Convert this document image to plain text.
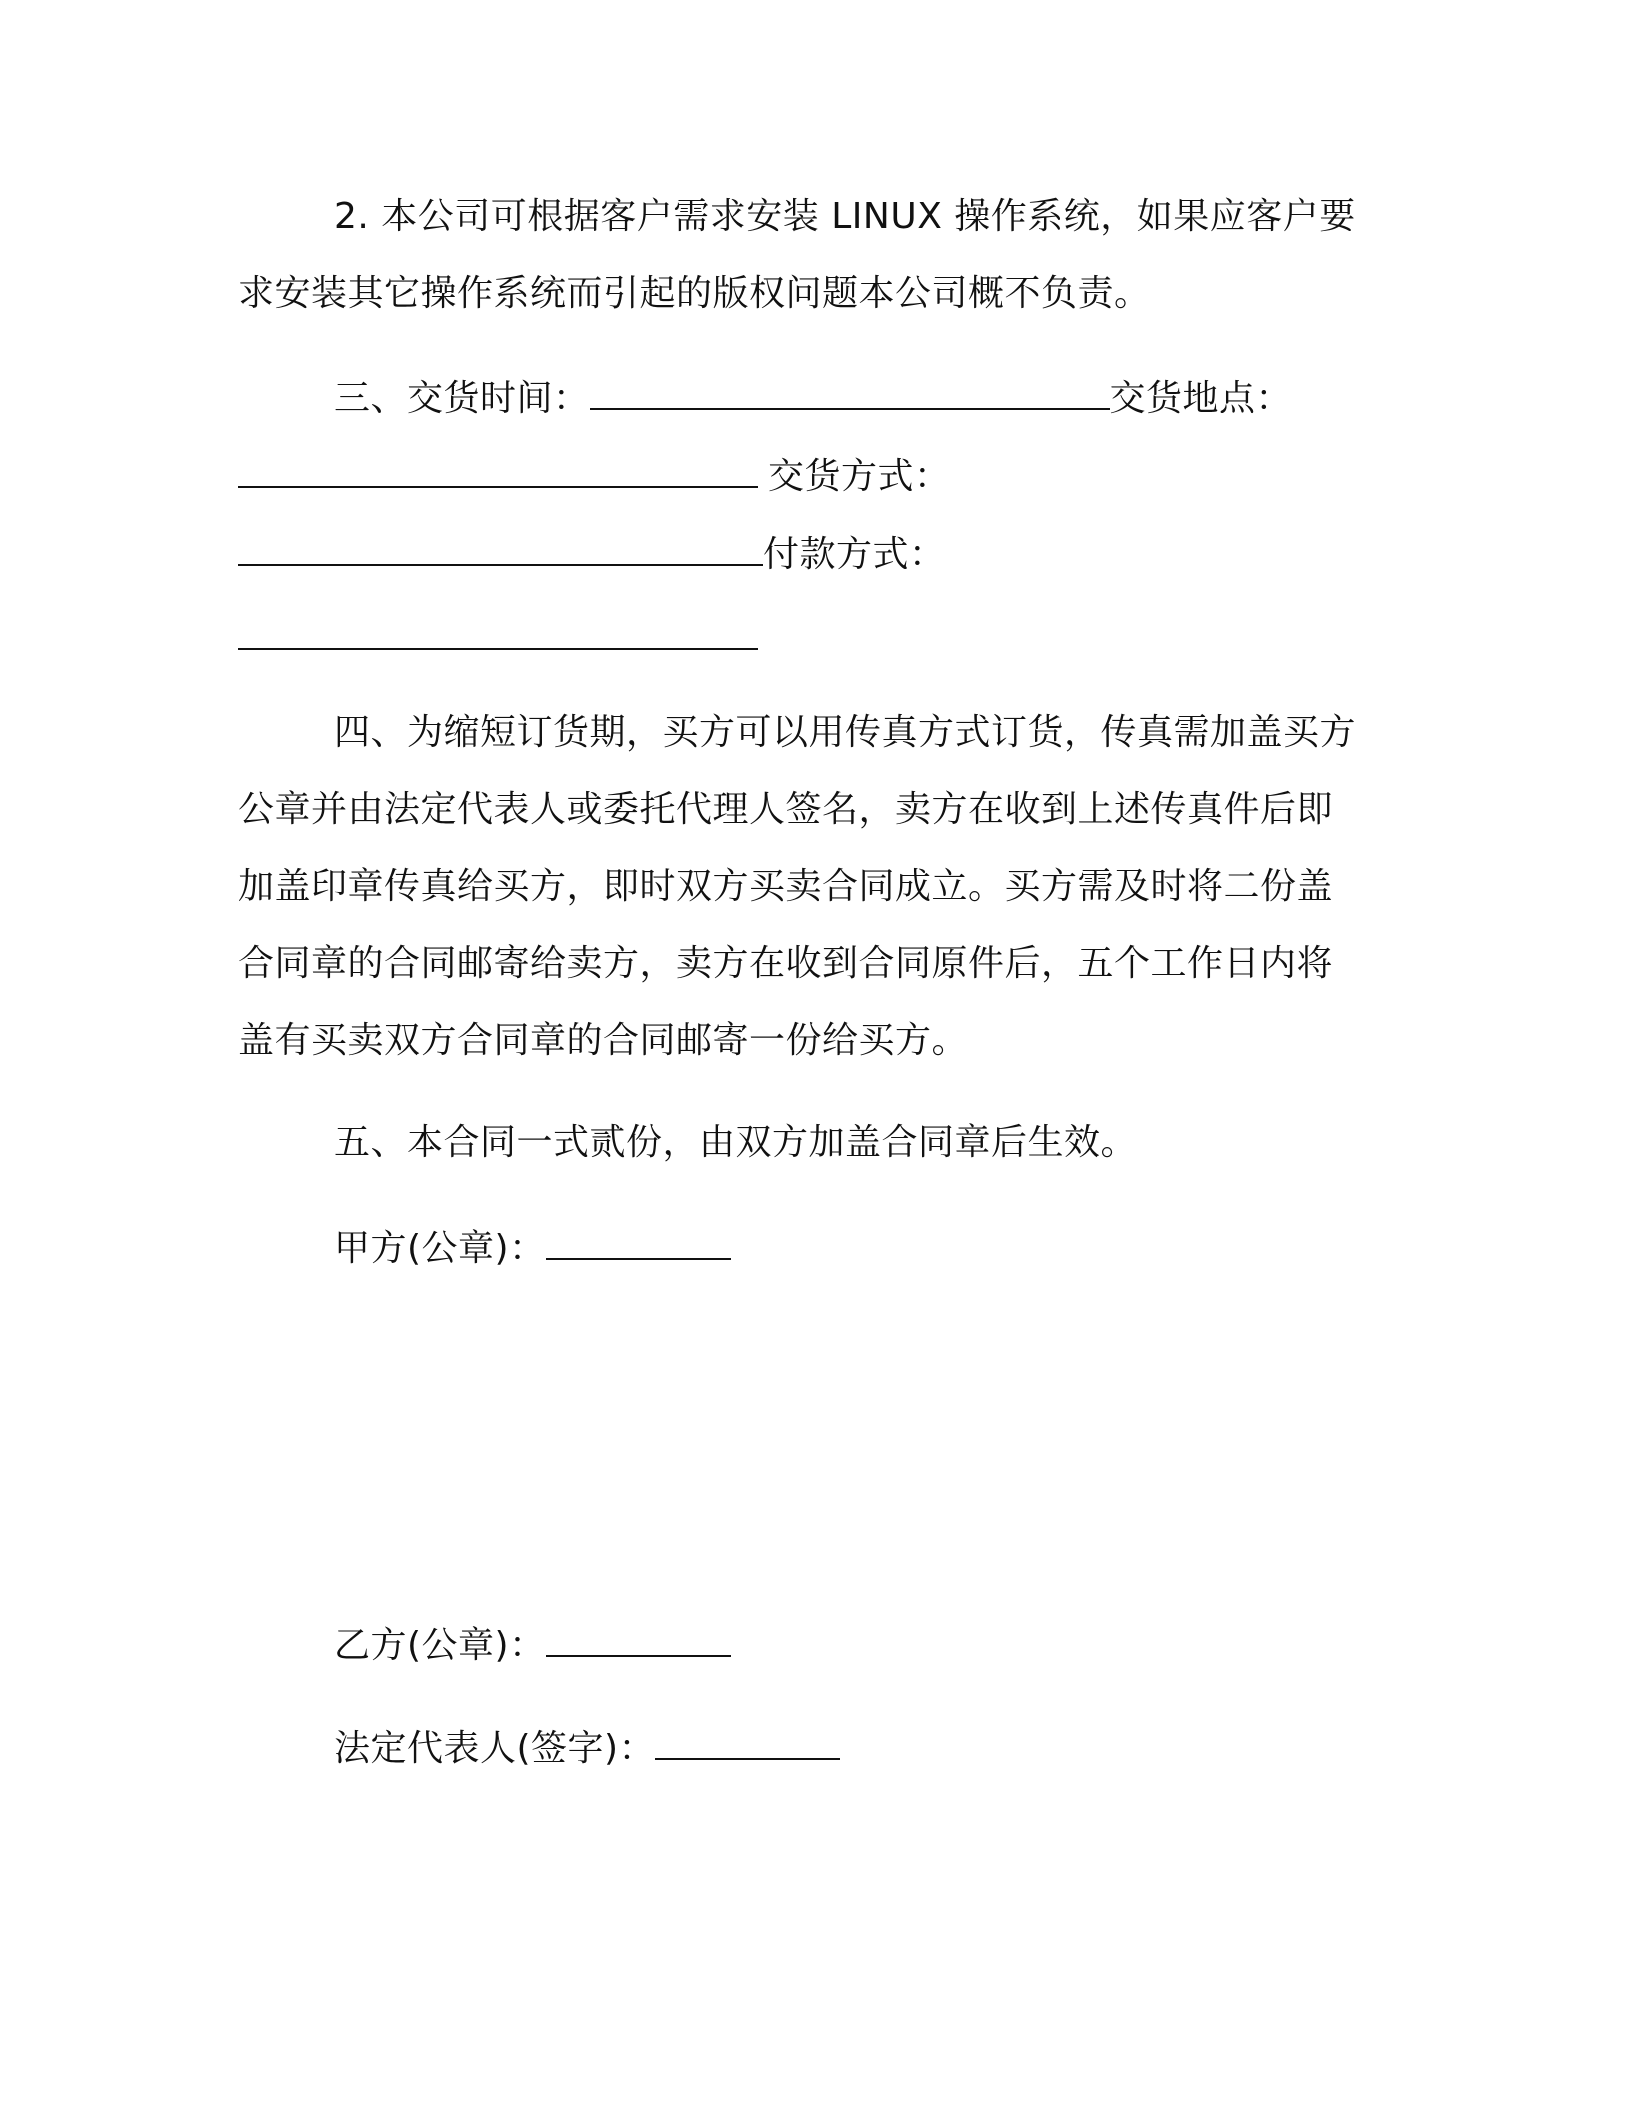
2. 本公司可根据客户需求安装 LINUX 操作系统，如果应客户要
求安装其它操作系统而引起的版权问题本公司概不负责。
三、交货时间：	交货地点：
交货方式：
付款方式：
四、为缩短订货期，买方可以用传真方式订货，传真需加盖买方
公章并由法定代表人或委托代理人签名，卖方在收到上述传真件后即
加盖印章传真给买方，即时双方买卖合同成立。买方需及时将二份盖
合同章的合同邮寄给卖方，卖方在收到合同原件后，五个工作日内将
盖有买卖双方合同章的合同邮寄一份给买方。
五、本合同一式贰份，由双方加盖合同章后生效。
甲方(公章)：
乙方(公章)：
法定代表人(签字)：
